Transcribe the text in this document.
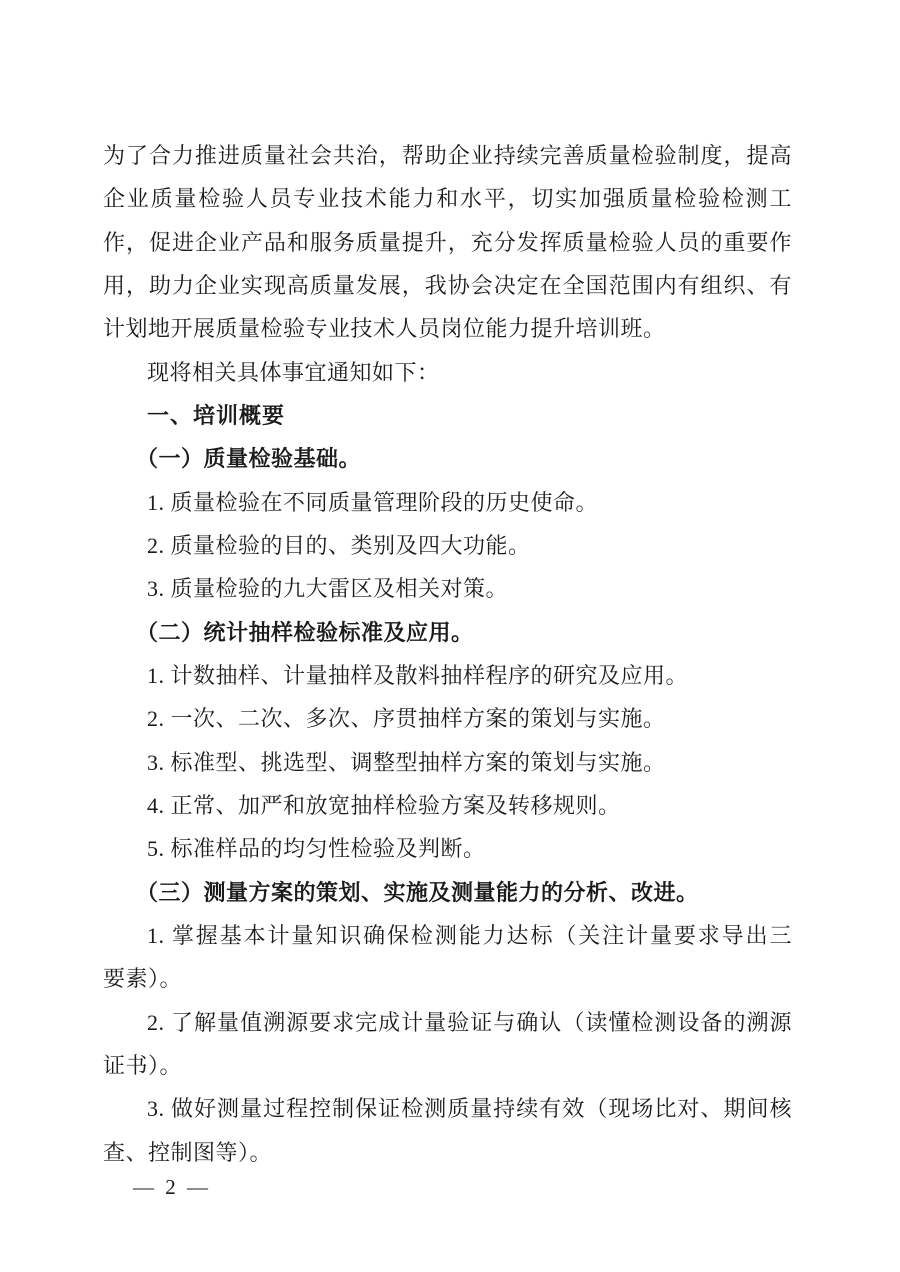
为了合力推进质量社会共治，帮助企业持续完善质量检验制度，提高
企业质量检验人员专业技术能力和水平，切实加强质量检验检测工
作，促进企业产品和服务质量提升，充分发挥质量检验人员的重要作
用，助力企业实现高质量发展，我协会决定在全国范围内有组织、有
计划地开展质量检验专业技术人员岗位能力提升培训班。
现将相关具体事宜通知如下：
一、培训概要
（一）质量检验基础。
1. 质量检验在不同质量管理阶段的历史使命。
2. 质量检验的目的、类别及四大功能。
3. 质量检验的九大雷区及相关对策。
（二）统计抽样检验标准及应用。
1. 计数抽样、计量抽样及散料抽样程序的研究及应用。
2. 一次、二次、多次、序贯抽样方案的策划与实施。
3. 标准型、挑选型、调整型抽样方案的策划与实施。
4. 正常、加严和放宽抽样检验方案及转移规则。
5. 标准样品的均匀性检验及判断。
（三）测量方案的策划、实施及测量能力的分析、改进。
1. 掌握基本计量知识确保检测能力达标（关注计量要求导出三
要素）。
2. 了解量值溯源要求完成计量验证与确认（读懂检测设备的溯源
证书）。
3. 做好测量过程控制保证检测质量持续有效（现场比对、期间核
查、控制图等）。
— 2 —
